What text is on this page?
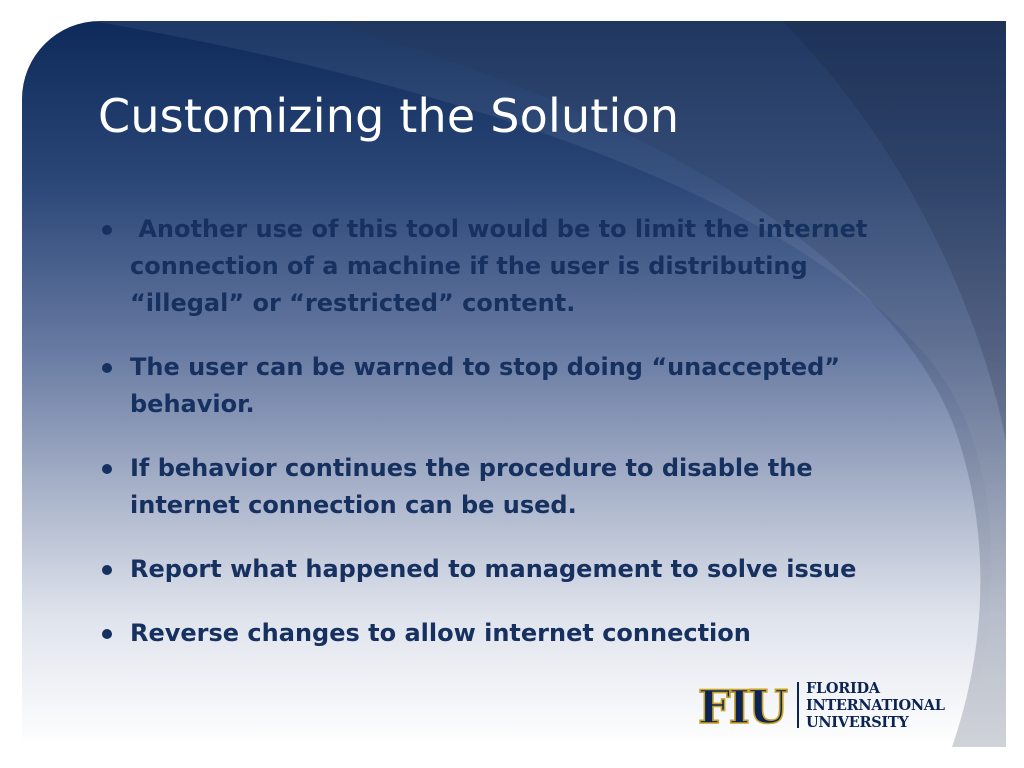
Customizing the Solution
Another use of this tool would be to limit the internet connection of a machine if the user is distributing “illegal” or “restricted” content.
The user can be warned to stop doing “unaccepted” behavior.
If behavior continues the procedure to disable the internet connection can be used.
Report what happened to management to solve issue
Reverse changes to allow internet connection
FIU FLORIDA
INTERNATIONAL
UNIVERSITY
